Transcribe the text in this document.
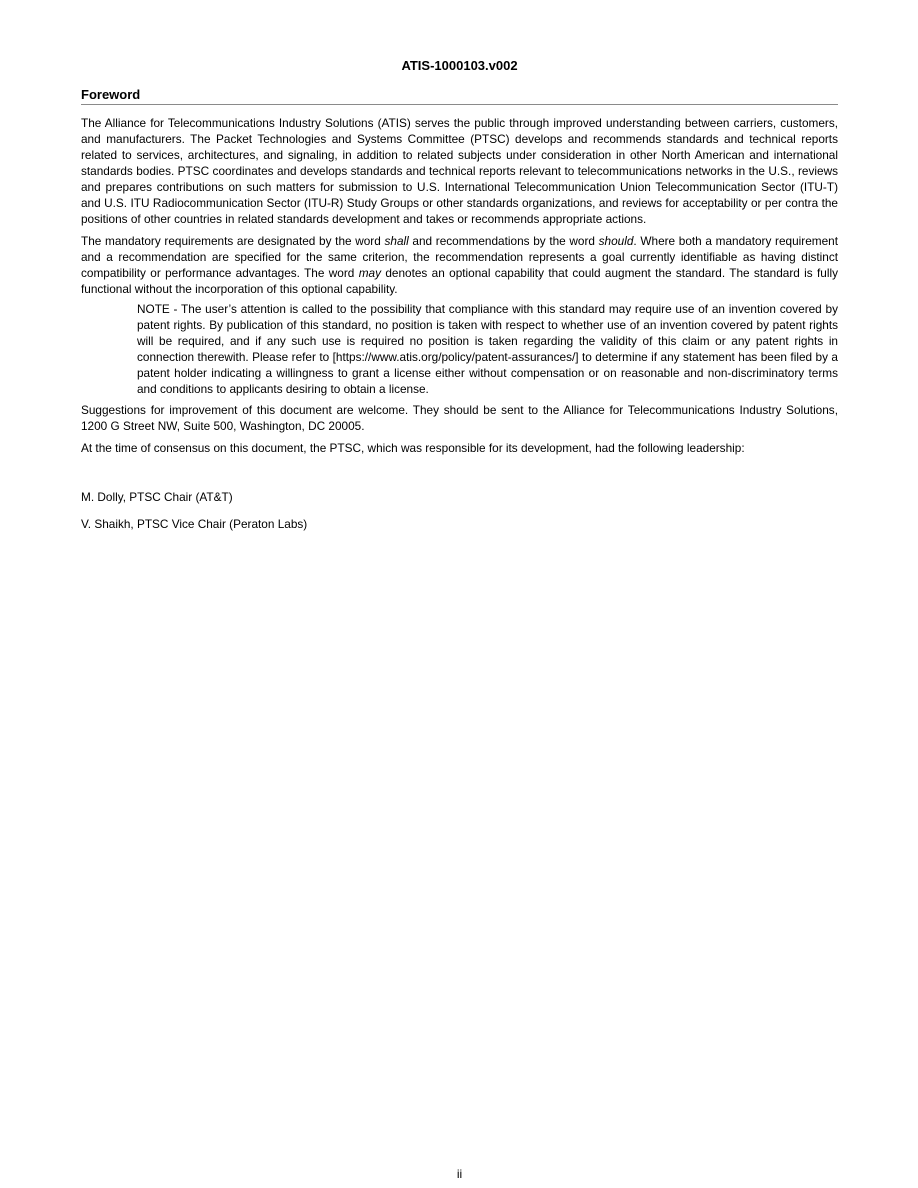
ATIS-1000103.v002

Foreword

The Alliance for Telecommunications Industry Solutions (ATIS) serves the public through improved understanding between carriers, customers, and manufacturers. The Packet Technologies and Systems Committee (PTSC) develops and recommends standards and technical reports related to services, architectures, and signaling, in addition to related subjects under consideration in other North American and international standards bodies. PTSC coordinates and develops standards and technical reports relevant to telecommunications networks in the U.S., reviews and prepares contributions on such matters for submission to U.S. International Telecommunication Union Telecommunication Sector (ITU-T) and U.S. ITU Radiocommunication Sector (ITU-R) Study Groups or other standards organizations, and reviews for acceptability or per contra the positions of other countries in related standards development and takes or recommends appropriate actions.

The mandatory requirements are designated by the word shall and recommendations by the word should. Where both a mandatory requirement and a recommendation are specified for the same criterion, the recommendation represents a goal currently identifiable as having distinct compatibility or performance advantages. The word may denotes an optional capability that could augment the standard. The standard is fully functional without the incorporation of this optional capability.

NOTE - The user’s attention is called to the possibility that compliance with this standard may require use of an invention covered by patent rights. By publication of this standard, no position is taken with respect to whether use of an invention covered by patent rights will be required, and if any such use is required no position is taken regarding the validity of this claim or any patent rights in connection therewith. Please refer to [https://www.atis.org/policy/patent-assurances/] to determine if any statement has been filed by a patent holder indicating a willingness to grant a license either without compensation or on reasonable and non-discriminatory terms and conditions to applicants desiring to obtain a license.

Suggestions for improvement of this document are welcome. They should be sent to the Alliance for Telecommunications Industry Solutions, 1200 G Street NW, Suite 500, Washington, DC 20005.

At the time of consensus on this document, the PTSC, which was responsible for its development, had the following leadership:

M. Dolly, PTSC Chair (AT&T)

V. Shaikh, PTSC Vice Chair (Peraton Labs)

ii
